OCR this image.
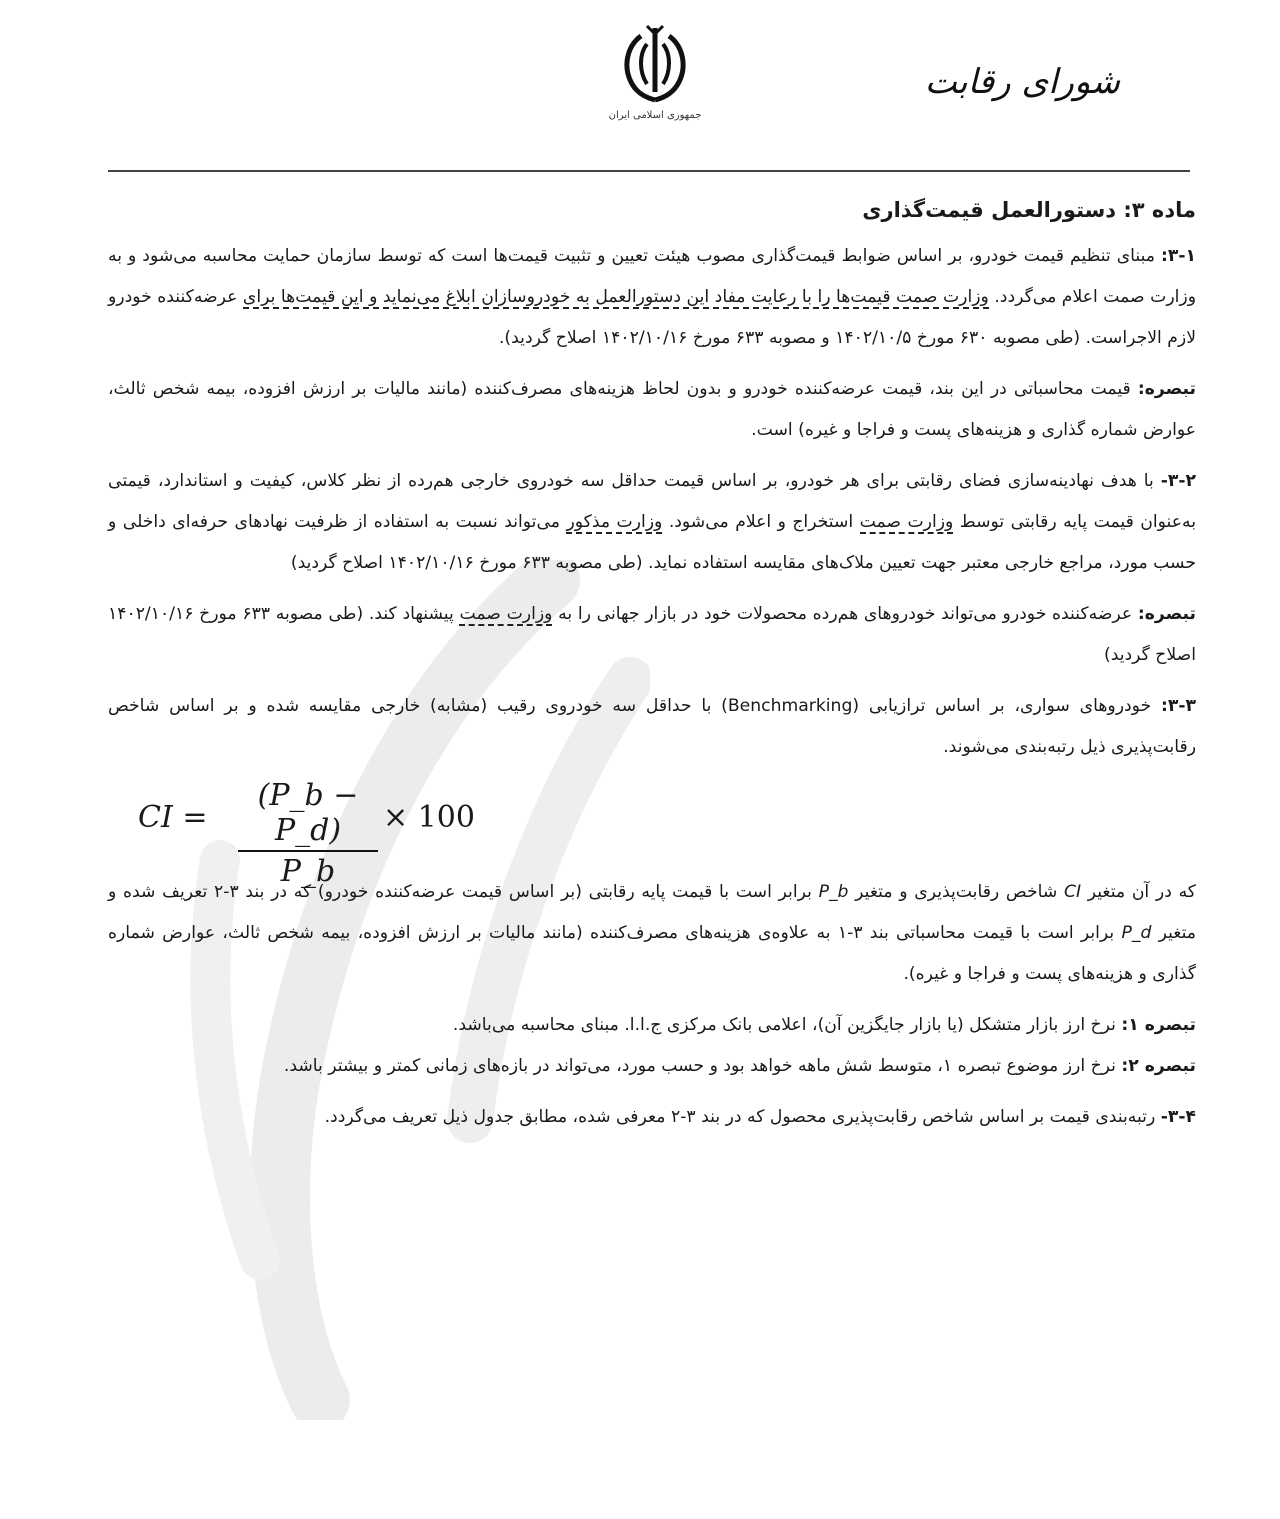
جمهوری اسلامی ایران
شورای رقابت
ماده ۳: دستورالعمل قیمت‌گذاری
۳-۱: مبنای تنظیم قیمت خودرو، بر اساس ضوابط قیمت‌گذاری مصوب هیئت تعیین و تثبیت قیمت‌ها است که توسط سازمان حمایت محاسبه می‌شود و به وزارت صمت اعلام می‌گردد. وزارت صمت قیمت‌ها را با رعایت مفاد این دستورالعمل به خودروسازان ابلاغ می‌نماید و این قیمت‌ها برای عرضه‌کننده خودرو لازم الاجراست. (طی مصوبه ۶۳۰ مورخ ۱۴۰۲/۱۰/۵ و مصوبه ۶۳۳ مورخ ۱۴۰۲/۱۰/۱۶ اصلاح گردید).
تبصره: قیمت محاسباتی در این بند، قیمت عرضه‌کننده خودرو و بدون لحاظ هزینه‌های مصرف‌کننده (مانند مالیات بر ارزش افزوده، بیمه شخص ثالث، عوارض شماره گذاری و هزینه‌های پست و فراجا و غیره) است.
۳-۲- با هدف نهادینه‌سازی فضای رقابتی برای هر خودرو، بر اساس قیمت حداقل سه خودروی خارجی هم‌رده از نظر کلاس، کیفیت و استاندارد، قیمتی به‌عنوان قیمت پایه رقابتی توسط وزارت صمت استخراج و اعلام می‌شود. وزارت مذکور می‌تواند نسبت به استفاده از ظرفیت نهادهای حرفه‌ای داخلی و حسب مورد، مراجع خارجی معتبر جهت تعیین ملاک‌های مقایسه استفاده نماید. (طی مصوبه ۶۳۳ مورخ ۱۴۰۲/۱۰/۱۶ اصلاح گردید)
تبصره: عرضه‌کننده خودرو می‌تواند خودروهای هم‌رده محصولات خود در بازار جهانی را به وزارت صمت پیشنهاد کند. (طی مصوبه ۶۳۳ مورخ ۱۴۰۲/۱۰/۱۶ اصلاح گردید)
۳-۳: خودروهای سواری، بر اساس ترازیابی (Benchmarking) با حداقل سه خودروی رقیب (مشابه) خارجی مقایسه شده و بر اساس شاخص رقابت‌پذیری ذیل رتبه‌بندی می‌شوند.
CI = $\frac{(P\_b - P\_d)}{P\_b} \times 100$
که در آن متغیر CI شاخص رقابت‌پذیری و متغیر P_b برابر است با قیمت پایه رقابتی (بر اساس قیمت عرضه‌کننده خودرو) که در بند ۳-۲ تعریف شده و متغیر P_d برابر است با قیمت محاسباتی بند ۳-۱ به علاوه‌ی هزینه‌های مصرف‌کننده (مانند مالیات بر ارزش افزوده، بیمه شخص ثالث، عوارض شماره گذاری و هزینه‌های پست و فراجا و غیره).
تبصره ۱: نرخ ارز بازار متشکل (یا بازار جایگزین آن)، اعلامی بانک مرکزی ج.ا.ا. مبنای محاسبه می‌باشد.
تبصره ۲: نرخ ارز موضوع تبصره ۱، متوسط شش ماهه خواهد بود و حسب مورد، می‌تواند در بازه‌های زمانی کمتر و بیشتر باشد.
۳-۴- رتبه‌بندی قیمت بر اساس شاخص رقابت‌پذیری محصول که در بند ۳-۲ معرفی شده، مطابق جدول ذیل تعریف می‌گردد.
